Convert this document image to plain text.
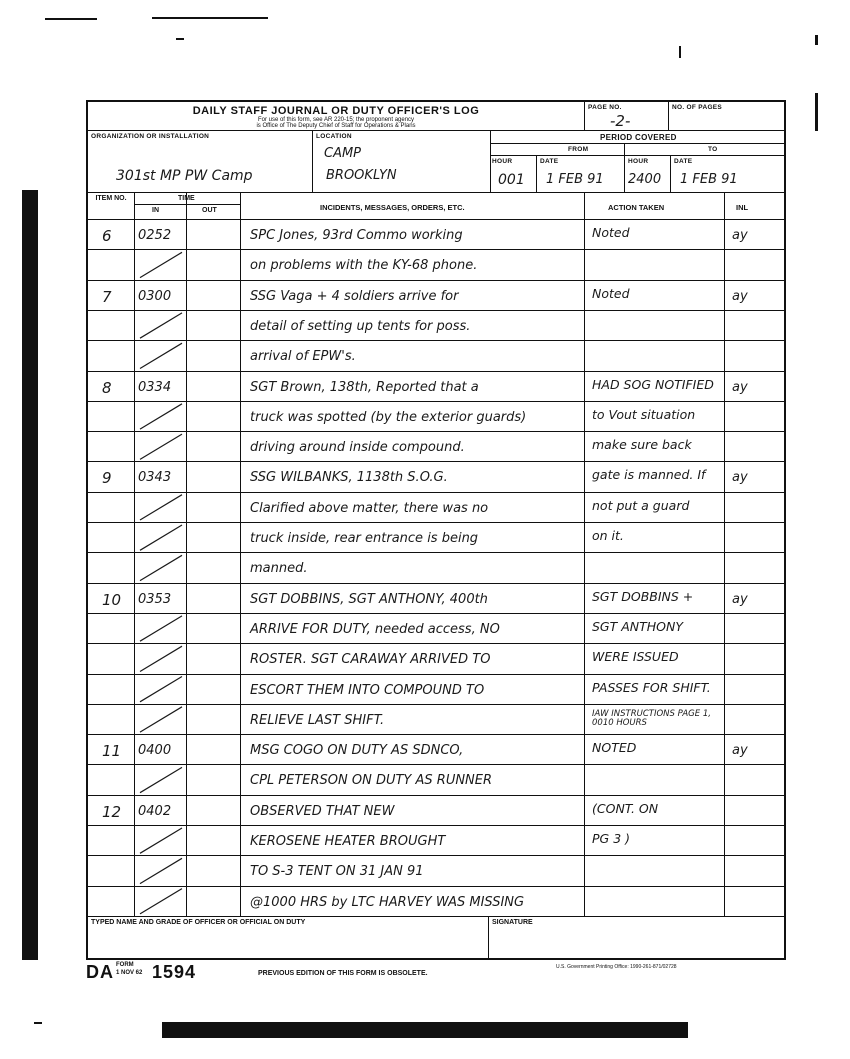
DAILY STAFF JOURNAL OR DUTY OFFICER'S LOG
For use of this form, see AR 220-15; the proponent agency
is Office of The Deputy Chief of Staff for Operations & Plans
PAGE NO.
-2-
NO. OF PAGES
ORGANIZATION OR INSTALLATION
301st MP PW Camp
LOCATION
CAMP
BROOKLYN
PERIOD COVERED
FROM	TO
HOUR	DATE	HOUR	DATE
001 1 FEB 91 2400 1 FEB 91
ITEM NO.	TIME
IN	OUT	INCIDENTS, MESSAGES, ORDERS, ETC.	ACTION TAKEN	INL
6 0252	SPC Jones, 93rd Commo working	Noted	ay
on problems with the KY-68 phone.
7 0300	SSG Vaga + 4 soldiers arrive for	Noted	ay
detail of setting up tents for poss.
arrival of EPW's.
8 0334	SGT Brown, 138th, Reported that a	HAD SOG NOTIFIED	ay
truck was spotted (by the exterior guards)	to Vout situation
driving around inside compound.	make sure back
9 0343	SSG WILBANKS, 1138th S.O.G.	gate is manned. If	ay
Clarified above matter, there was no	not put a guard
truck inside, rear entrance is being	on it.
manned.
10 0353	SGT DOBBINS, SGT ANTHONY, 400th	SGT DOBBINS +	ay
ARRIVE FOR DUTY, needed access, NO	SGT ANTHONY
ROSTER. SGT CARAWAY ARRIVED TO	WERE ISSUED
ESCORT THEM INTO COMPOUND TO	PASSES FOR SHIFT.
RELIEVE LAST SHIFT.	IAW INSTRUCTIONS PAGE 1, 0010 HOURS
11 0400	MSG COGO ON DUTY AS SDNCO,	NOTED	ay
CPL PETERSON ON DUTY AS RUNNER
12 0402	OBSERVED THAT NEW	(CONT. ON
KEROSENE HEATER BROUGHT	PG 3 )
TO S-3 TENT ON 31 JAN 91
@1000 HRS by LTC HARVEY WAS MISSING
TYPED NAME AND GRADE OF OFFICER OR OFFICIAL ON DUTY	SIGNATURE
DA FORM
1 NOV 62 1594	PREVIOUS EDITION OF THIS FORM IS OBSOLETE.
U.S. Government Printing Office: 1990-261-871/02728
